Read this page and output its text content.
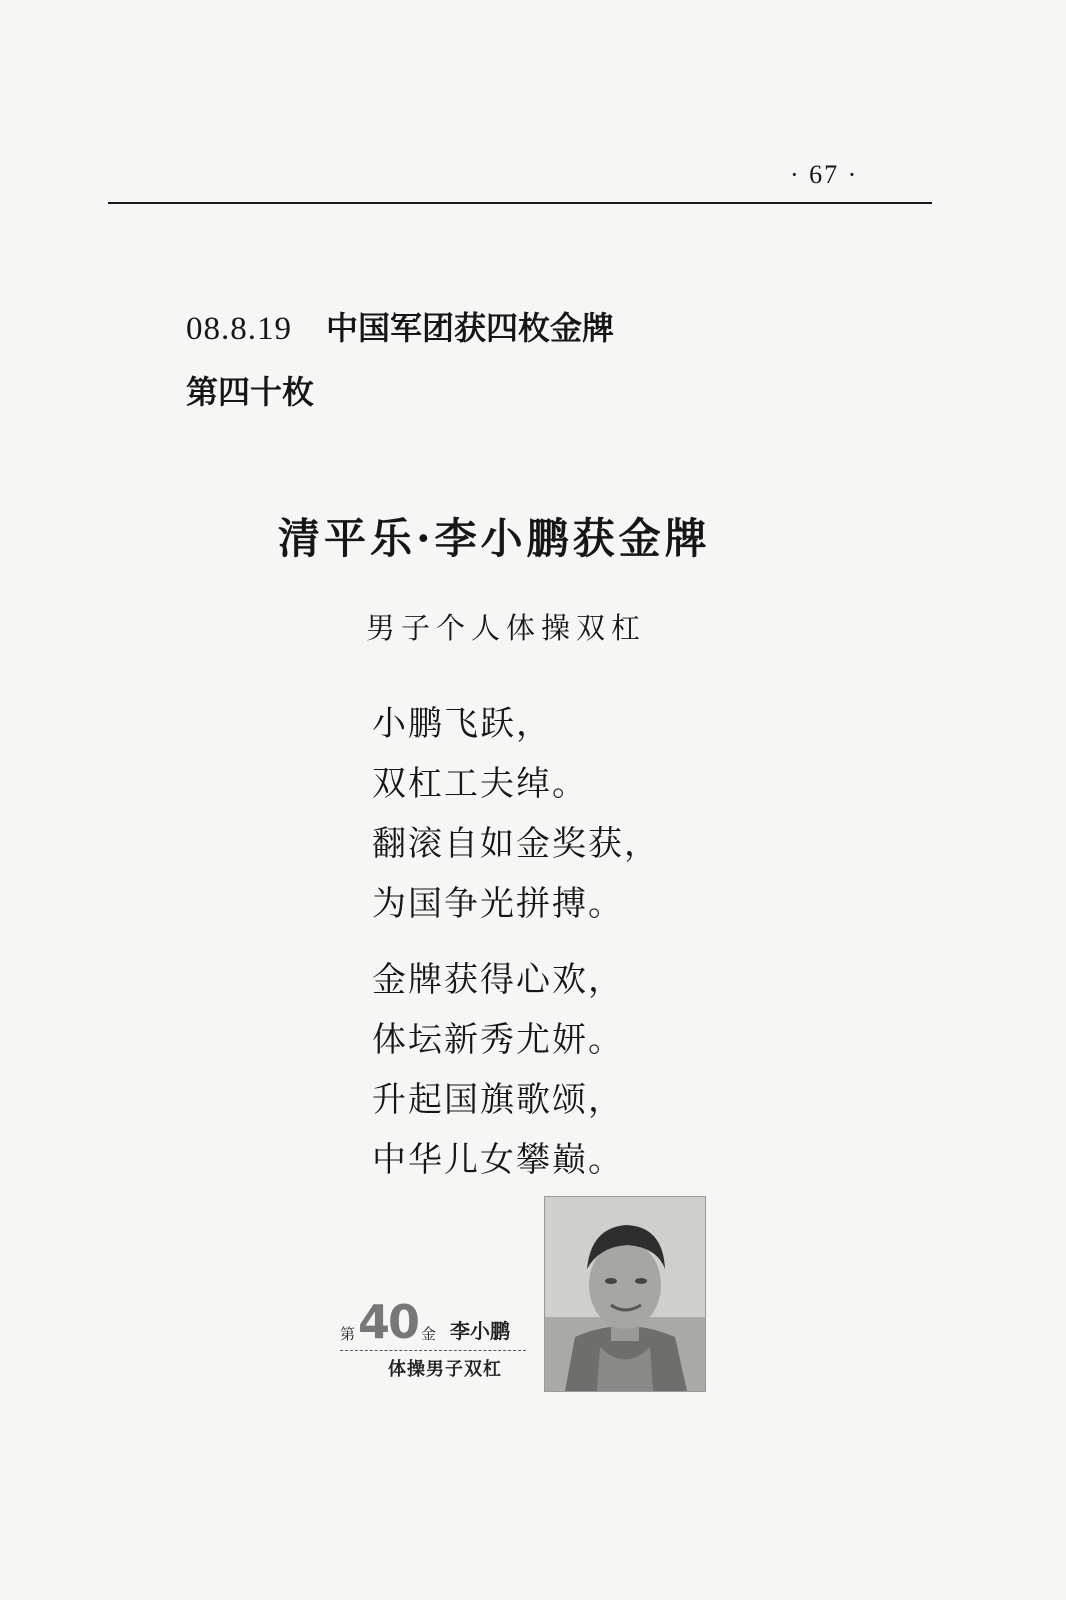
· 67 ·
08.8.19 中国军团获四枚金牌
第四十枚
清平乐·李小鹏获金牌
男子个人体操双杠
小鹏飞跃，
双杠工夫绰。
翻滚自如金奖获，
为国争光拼搏。
金牌获得心欢，
体坛新秀尤妍。
升起国旗歌颂，
中华儿女攀巅。
第 40 金 李小鹏
体操男子双杠
